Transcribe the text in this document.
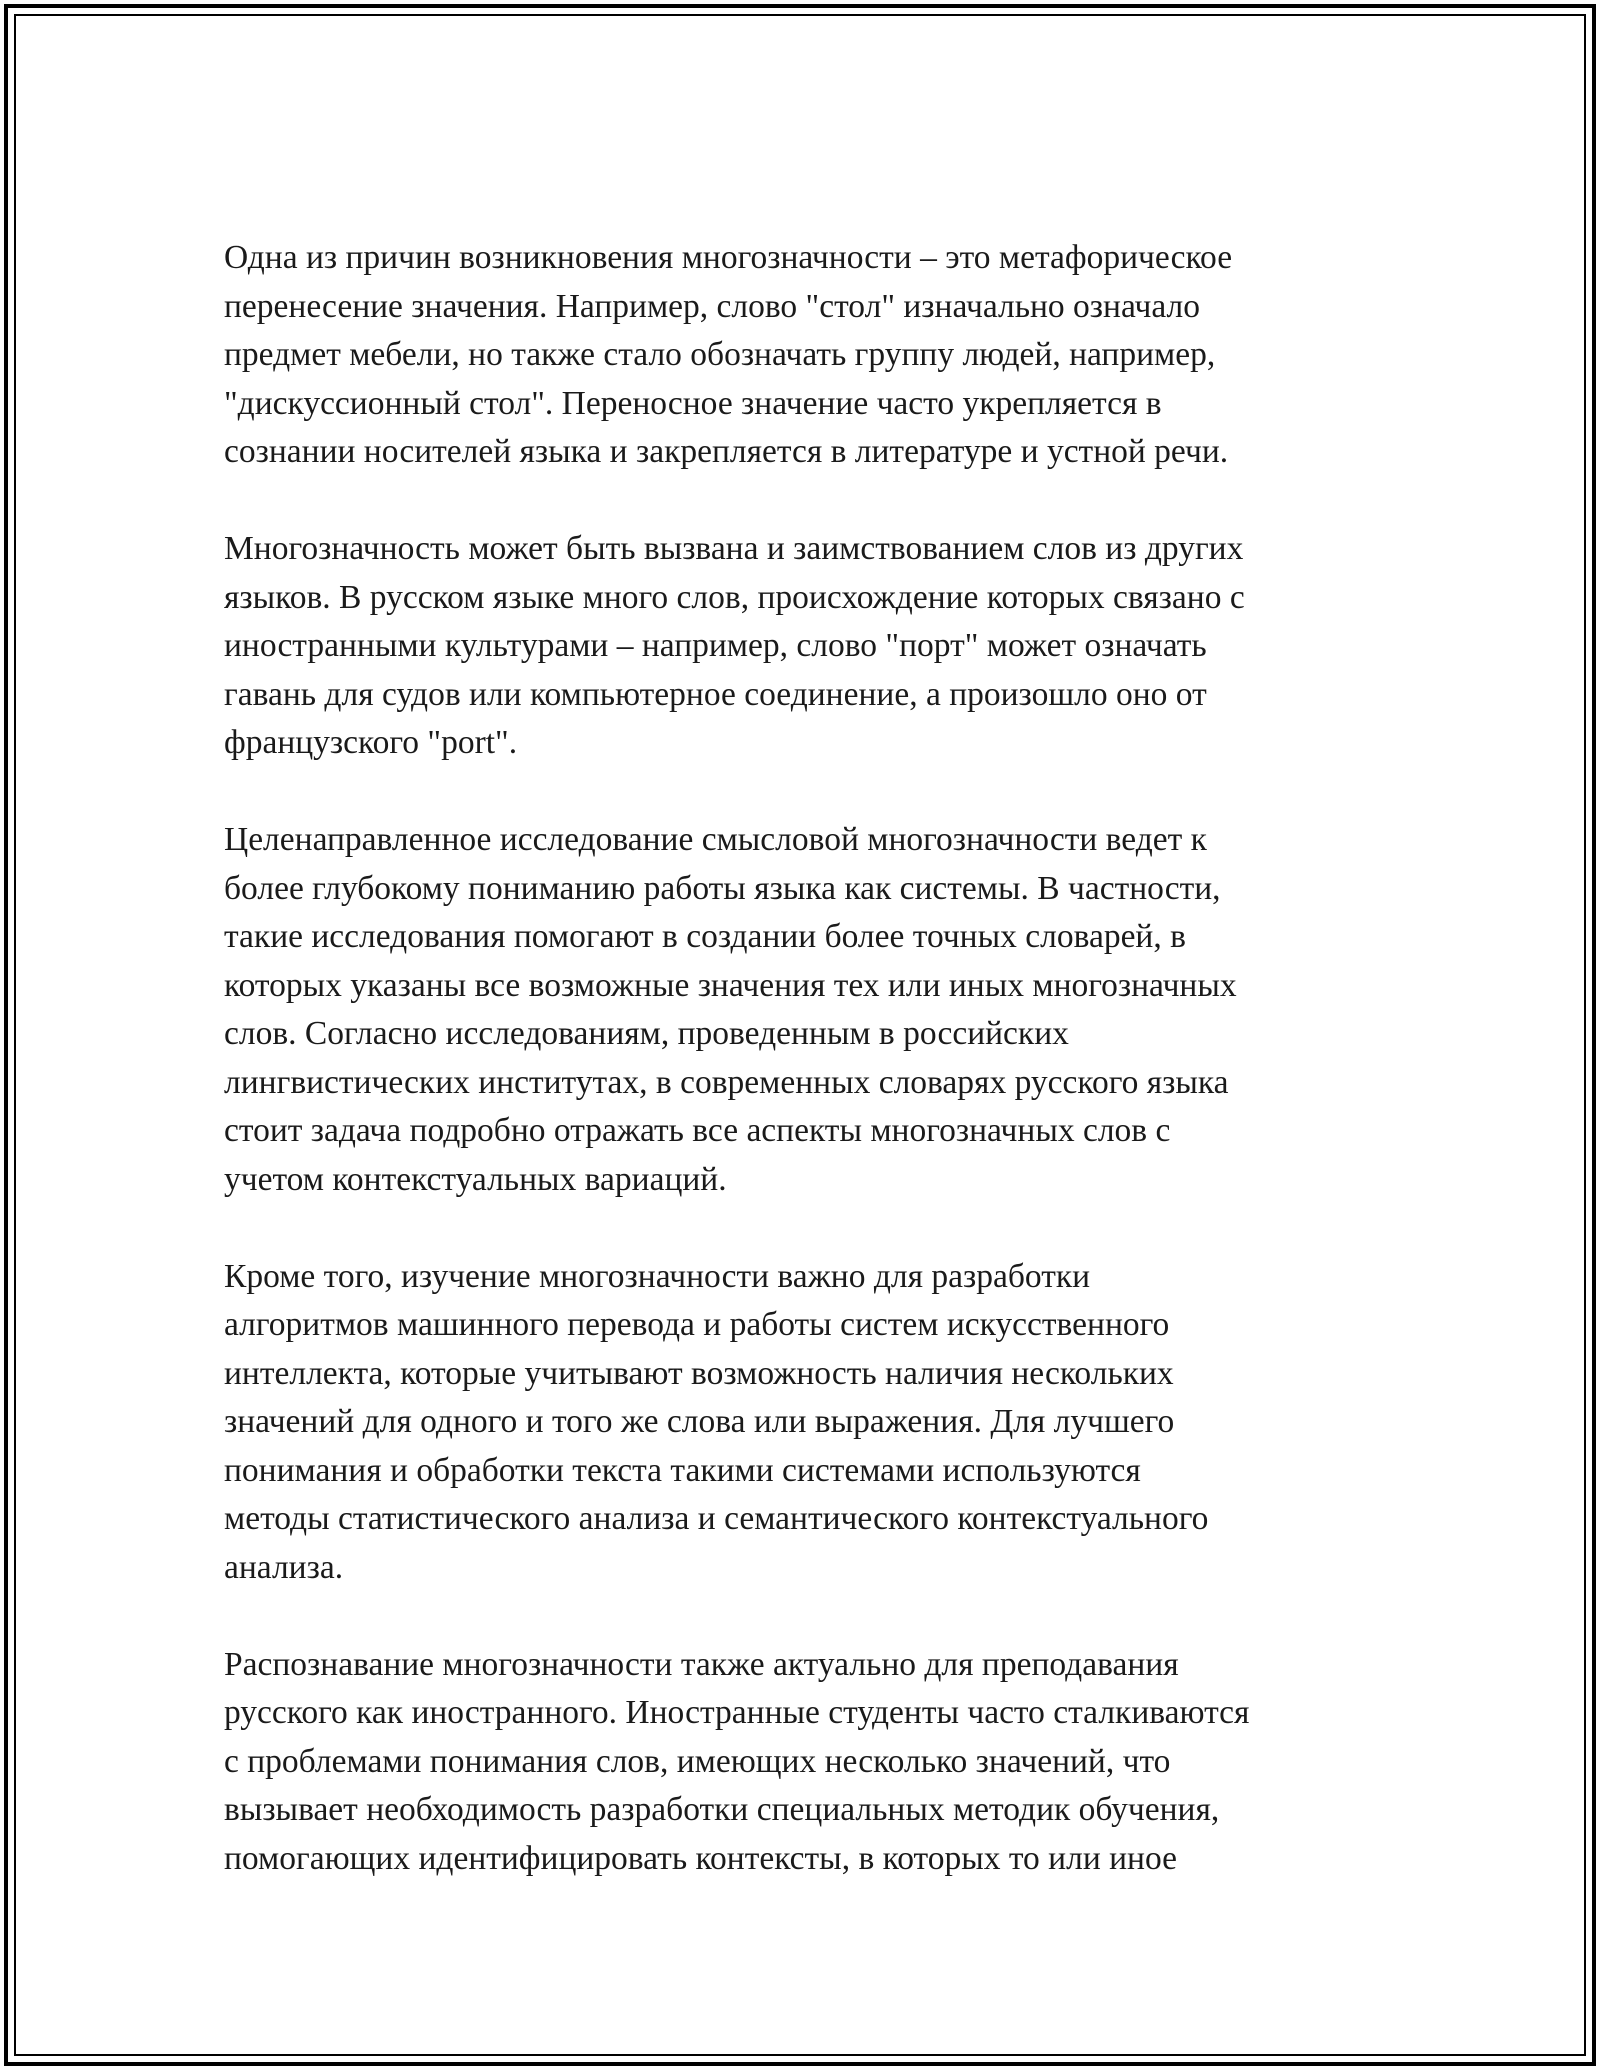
Одна из причин возникновения многозначности – это метафорическое
перенесение значения. Например, слово "стол" изначально означало
предмет мебели, но также стало обозначать группу людей, например,
"дискуссионный стол". Переносное значение часто укрепляется в
сознании носителей языка и закрепляется в литературе и устной речи.

Многозначность может быть вызвана и заимствованием слов из других
языков. В русском языке много слов, происхождение которых связано с
иностранными культурами – например, слово "порт" может означать
гавань для судов или компьютерное соединение, а произошло оно от
французского "port".

Целенаправленное исследование смысловой многозначности ведет к
более глубокому пониманию работы языка как системы. В частности,
такие исследования помогают в создании более точных словарей, в
которых указаны все возможные значения тех или иных многозначных
слов. Согласно исследованиям, проведенным в российских
лингвистических институтах, в современных словарях русского языка
стоит задача подробно отражать все аспекты многозначных слов с
учетом контекстуальных вариаций.

Кроме того, изучение многозначности важно для разработки
алгоритмов машинного перевода и работы систем искусственного
интеллекта, которые учитывают возможность наличия нескольких
значений для одного и того же слова или выражения. Для лучшего
понимания и обработки текста такими системами используются
методы статистического анализа и семантического контекстуального
анализа.

Распознавание многозначности также актуально для преподавания
русского как иностранного. Иностранные студенты часто сталкиваются
с проблемами понимания слов, имеющих несколько значений, что
вызывает необходимость разработки специальных методик обучения,
помогающих идентифицировать контексты, в которых то или иное
